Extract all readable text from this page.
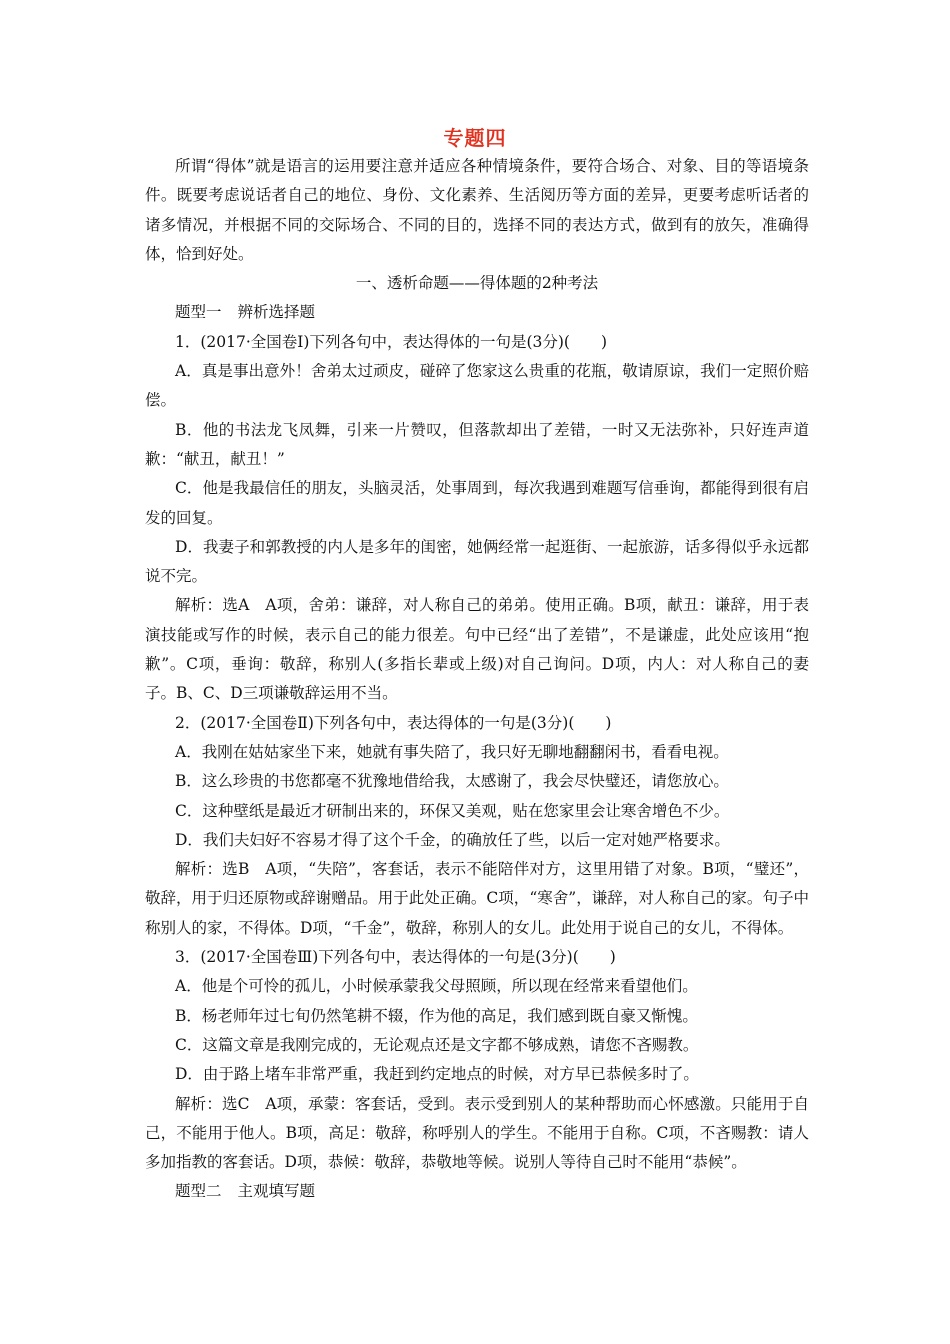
专题四

所谓“得体”就是语言的运用要注意并适应各种情境条件，要符合场合、对象、目的等语境条件。既要考虑说话者自己的地位、身份、文化素养、生活阅历等方面的差异，更要考虑听话者的诸多情况，并根据不同的交际场合、不同的目的，选择不同的表达方式，做到有的放矢，准确得体，恰到好处。

一、透析命题——得体题的2种考法

题型一 辨析选择题

1．(2017·全国卷Ⅰ)下列各句中，表达得体的一句是(3分)(　　)

A．真是事出意外！舍弟太过顽皮，碰碎了您家这么贵重的花瓶，敬请原谅，我们一定照价赔偿。

B．他的书法龙飞凤舞，引来一片赞叹，但落款却出了差错，一时又无法弥补，只好连声道歉：“献丑，献丑！”

C．他是我最信任的朋友，头脑灵活，处事周到，每次我遇到难题写信垂询，都能得到很有启发的回复。

D．我妻子和郭教授的内人是多年的闺密，她俩经常一起逛街、一起旅游，话多得似乎永远都说不完。

解析：选A　A项，舍弟：谦辞，对人称自己的弟弟。使用正确。B项，献丑：谦辞，用于表演技能或写作的时候，表示自己的能力很差。句中已经“出了差错”，不是谦虚，此处应该用“抱歉”。C项，垂询：敬辞，称别人(多指长辈或上级)对自己询问。D项，内人：对人称自己的妻子。B、C、D三项谦敬辞运用不当。

2．(2017·全国卷Ⅱ)下列各句中，表达得体的一句是(3分)(　　)

A．我刚在姑姑家坐下来，她就有事失陪了，我只好无聊地翻翻闲书，看看电视。

B．这么珍贵的书您都毫不犹豫地借给我，太感谢了，我会尽快璧还，请您放心。

C．这种壁纸是最近才研制出来的，环保又美观，贴在您家里会让寒舍增色不少。

D．我们夫妇好不容易才得了这个千金，的确放任了些，以后一定对她严格要求。

解析：选B　A项，“失陪”，客套话，表示不能陪伴对方，这里用错了对象。B项，“璧还”，敬辞，用于归还原物或辞谢赠品。用于此处正确。C项，“寒舍”，谦辞，对人称自己的家。句子中称别人的家，不得体。D项，“千金”，敬辞，称别人的女儿。此处用于说自己的女儿，不得体。

3．(2017·全国卷Ⅲ)下列各句中，表达得体的一句是(3分)(　　)

A．他是个可怜的孤儿，小时候承蒙我父母照顾，所以现在经常来看望他们。

B．杨老师年过七旬仍然笔耕不辍，作为他的高足，我们感到既自豪又惭愧。

C．这篇文章是我刚完成的，无论观点还是文字都不够成熟，请您不吝赐教。

D．由于路上堵车非常严重，我赶到约定地点的时候，对方早已恭候多时了。

解析：选C　A项，承蒙：客套话，受到。表示受到别人的某种帮助而心怀感激。只能用于自己，不能用于他人。B项，高足：敬辞，称呼别人的学生。不能用于自称。C项，不吝赐教：请人多加指教的客套话。D项，恭候：敬辞，恭敬地等候。说别人等待自己时不能用“恭候”。

题型二 主观填写题
